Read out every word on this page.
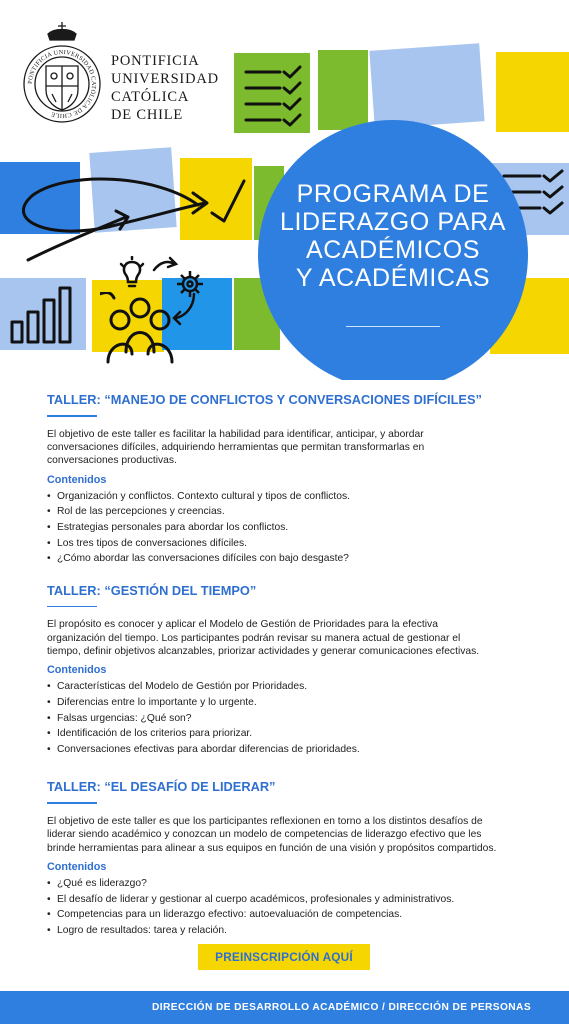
PONTIFICIA UNIVERSIDAD CATÓLICA DE CHILE
PONTIFICIA
UNIVERSIDAD
CATÓLICA
DE CHILE
PROGRAMA DE
LIDERAZGO PARA
ACADÉMICOS
Y ACADÉMICAS
TALLER: “MANEJO DE CONFLICTOS Y CONVERSACIONES DIFÍCILES”
El objetivo de este taller es facilitar la habilidad para identificar, anticipar, y abordar
conversaciones difíciles, adquiriendo herramientas que permitan transformarlas en
conversaciones productivas.
Contenidos
• Organización y conflictos. Contexto cultural y tipos de conflictos.
• Rol de las percepciones y creencias.
• Estrategias personales para abordar los conflictos.
• Los tres tipos de conversaciones difíciles.
• ¿Cómo abordar las conversaciones difíciles con bajo desgaste?
TALLER: “GESTIÓN DEL TIEMPO”
El propósito es conocer y aplicar el Modelo de Gestión de Prioridades para la efectiva
organización del tiempo. Los participantes podrán revisar su manera actual de gestionar el
tiempo, definir objetivos alcanzables, priorizar actividades y generar comunicaciones efectivas.
Contenidos
• Características del Modelo de Gestión por Prioridades.
• Diferencias entre lo importante y lo urgente.
• Falsas urgencias: ¿Qué son?
• Identificación de los criterios para priorizar.
• Conversaciones efectivas para abordar diferencias de prioridades.
TALLER: “EL DESAFÍO DE LIDERAR”
El objetivo de este taller es que los participantes reflexionen en torno a los distintos desafíos de
liderar siendo académico y conozcan un modelo de competencias de liderazgo efectivo que les
brinde herramientas para alinear a sus equipos en función de una visión y propósitos compartidos.
Contenidos
• ¿Qué es liderazgo?
• El desafío de liderar y gestionar al cuerpo académicos, profesionales y administrativos.
• Competencias para un liderazgo efectivo: autoevaluación de competencias.
• Logro de resultados: tarea y relación.
PREINSCRIPCIÓN AQUÍ
DIRECCIÓN DE DESARROLLO ACADÉMICO / DIRECCIÓN DE PERSONAS
